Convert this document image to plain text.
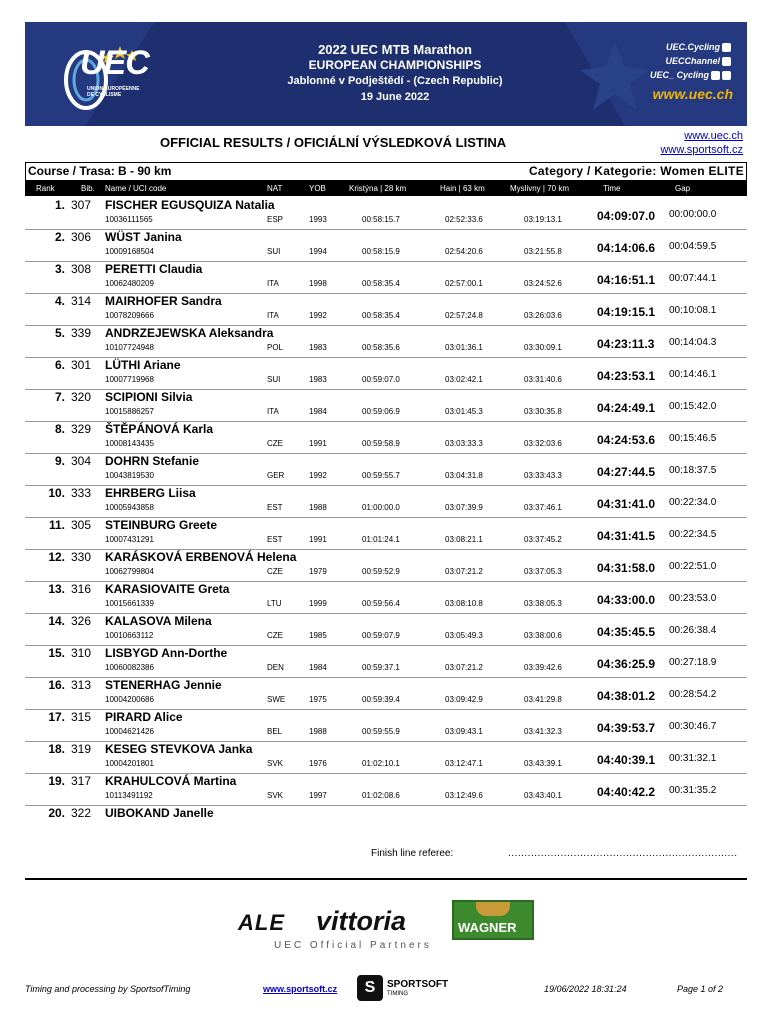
UEC
UNION EUROPÉENNE
DE CYCLISME
2022 UEC MTB Marathon
EUROPEAN CHAMPIONSHIPS
Jablonné v Podještědí - (Czech Republic)
19 June 2022
UEC.Cycling
UECChannel
UEC_ Cycling
www.uec.ch
OFFICIAL RESULTS / OFICIÁLNÍ VÝSLEDKOVÁ LISTINA	www.uec.ch
www.sportsoft.cz
Course / Trasa: B - 90 km	Category / Kategorie: Women ELITE
Rank	Bib. Name / UCI code	NAT	YOB	Kristýna | 28 km	Hain | 63 km	Myslivny | 70 km	Time	Gap
1. 307 FISCHER EGUSQUIZA Natalia
10036111565	ESP	1993	00:58:15.7	02:52:33.6	03:19:13.1	04:09:07.0 00:00:00.0
2. 306 WÜST Janina
10009168504	SUI	1994	00:58:15.9	02:54:20.6	03:21:55.8	04:14:06.6 00:04:59.5
3. 308 PERETTI Claudia
10062480209	ITA	1998	00:58:35.4	02:57:00.1	03:24:52.6	04:16:51.1 00:07:44.1
4. 314 MAIRHOFER Sandra
10078209666	ITA	1992	00:58:35.4	02:57:24.8	03:26:03.6	04:19:15.1 00:10:08.1
5. 339 ANDRZEJEWSKA Aleksandra
10107724948	POL	1983	00:58:35.6	03:01:36.1	03:30:09.1	04:23:11.3 00:14:04.3
6. 301 LÜTHI Ariane
10007719968	SUI	1983	00:59:07.0	03:02:42.1	03:31:40.6	04:23:53.1 00:14:46.1
7. 320 SCIPIONI Silvia
10015886257	ITA	1984	00:59:06.9	03:01:45.3	03:30:35.8	04:24:49.1 00:15:42.0
8. 329 ŠTĚPÁNOVÁ Karla
10008143435	CZE	1991	00:59:58.9	03:03:33.3	03:32:03.6	04:24:53.6 00:15:46.5
9. 304 DOHRN Stefanie
10043819530	GER	1992	00:59:55.7	03:04:31.8	03:33:43.3	04:27:44.5 00:18:37.5
10. 333 EHRBERG Liisa
10005943858	EST	1988	01:00:00.0	03:07:39.9	03:37:46.1	04:31:41.0 00:22:34.0
11. 305 STEINBURG Greete
10007431291	EST	1991	01:01:24.1	03:08:21.1	03:37:45.2	04:31:41.5 00:22:34.5
12. 330 KARÁSKOVÁ ERBENOVÁ Helena
10062799804	CZE	1979	00:59:52.9	03:07:21.2	03:37:05.3	04:31:58.0 00:22:51.0
13. 316 KARASIOVAITE Greta
10015661339	LTU	1999	00:59:56.4	03:08:10.8	03:38:05.3	04:33:00.0 00:23:53.0
14. 326 KALASOVA Milena
10010663112	CZE	1985	00:59:07.9	03:05:49.3	03:38:00.6	04:35:45.5 00:26:38.4
15. 310 LISBYGD Ann-Dorthe
10060082386	DEN	1984	00:59:37.1	03:07:21.2	03:39:42.6	04:36:25.9 00:27:18.9
16. 313 STENERHAG Jennie
10004200686	SWE	1975	00:59:39.4	03:09:42.9	03:41:29.8	04:38:01.2 00:28:54.2
17. 315 PIRARD Alice
10004621426	BEL	1988	00:59:55.9	03:09:43.1	03:41:32.3	04:39:53.7 00:30:46.7
18. 319 KESEG STEVKOVA Janka
10004201801	SVK	1976	01:02:10.1	03:12:47.1	03:43:39.1	04:40:39.1 00:31:32.1
19. 317 KRAHULCOVÁ Martina
10113491192	SVK	1997	01:02:08.6	03:12:49.6	03:43:40.1	04:40:42.2 00:31:35.2
20. 322 UIBOKAND Janelle
Finish line referee:	......................................................................
ALE vittoria	WAGNER
UEC Official Partners
Timing and processing by SportsofTiming	www.sportsoft.cz	S	SPORTSOFT
TIMING	19/06/2022 18:31:24	Page 1 of 2
